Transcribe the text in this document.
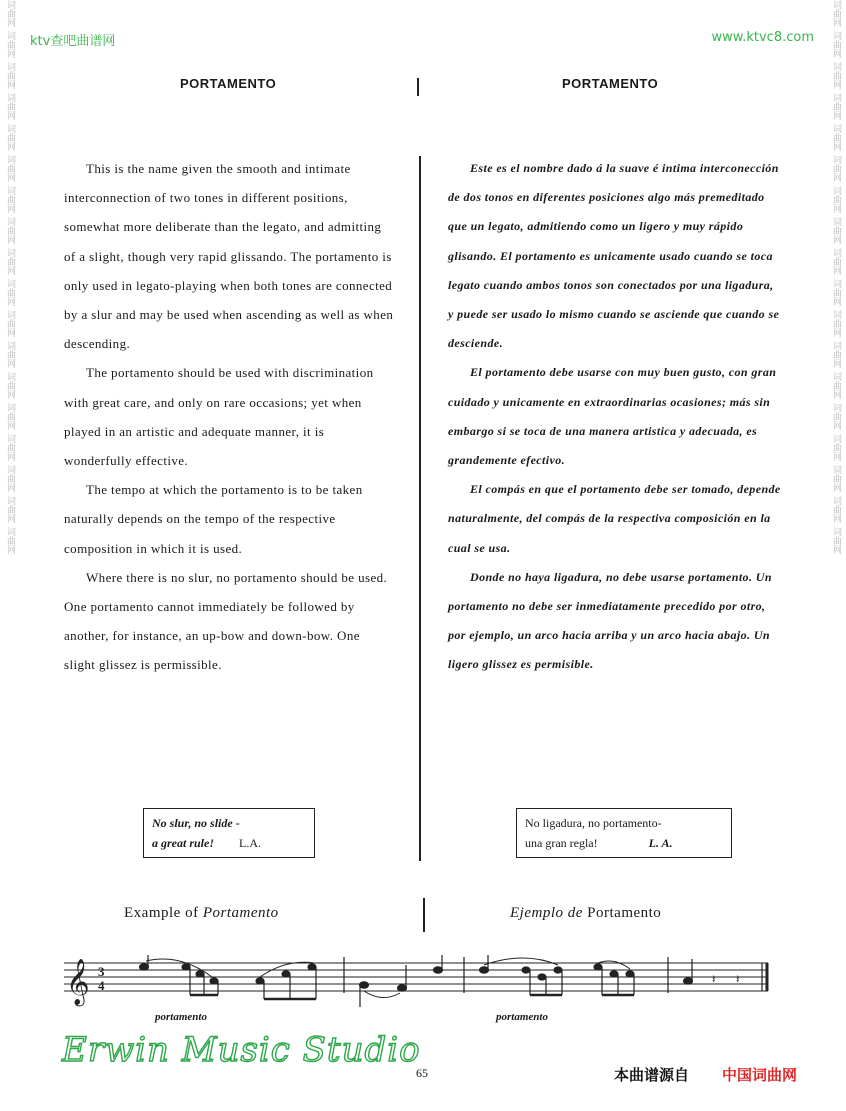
词曲网
词曲网
词曲网
词曲网
词曲网
词曲网
词曲网
词曲网
词曲网
词曲网
词曲网
词曲网
词曲网
词曲网
词曲网
词曲网
词曲网
词曲网
词曲网
词曲网
词曲网
词曲网
词曲网
词曲网
词曲网
词曲网
词曲网
词曲网
词曲网
词曲网
词曲网
词曲网
词曲网
词曲网
词曲网
词曲网
ktv查吧曲谱网	www.ktvc8.com
PORTAMENTO	PORTAMENTO

This is the name given the smooth and intimate interconnection of two tones in different positions, somewhat more deliberate than the legato, and admitting of a slight, though very rapid glissando. The portamento is only used in legato-playing when both tones are connected by a slur and may be used when ascending as well as when descending.

The portamento should be used with discrimination with great care, and only on rare occasions; yet when played in an artistic and adequate manner, it is wonderfully effective.

The tempo at which the portamento is to be taken naturally depends on the tempo of the respective composition in which it is used.

Where there is no slur, no portamento should be used. One portamento cannot immediately be followed by another, for instance, an up-bow and down-bow. One slight glissez is permissible.

Este es el nombre dado á la suave é intima interconección de dos tonos en diferentes posiciones algo más premeditado que un legato, admitiendo como un ligero y muy rápido glisando. El portamento es unicamente usado cuando se toca legato cuando ambos tonos son conectados por una ligadura, y puede ser usado lo mismo cuando se asciende que cuando se desciende.

El portamento debe usarse con muy buen gusto, con gran cuidado y unicamente en extraordinarias ocasiones; más sin embargo si se toca de una manera artistica y adecuada, es grandemente efectivo.

El compás en que el portamento debe ser tomado, depende naturalmente, del compás de la respectiva composición en la cual se usa.

Donde no haya ligadura, no debe usarse portamento. Un portamento no debe ser inmediatamente precedido por otro, por ejemplo, un arco hacia arriba y un arco hacia abajo. Un ligero glissez es permisible.

No slur, no slide -
a great rule! L.A.
No ligadura, no portamento-
una gran regla!	L. A.
Example of Portamento	Ejemplo de Portamento
𝄞 3
4	𝄽 𝄽
portamento	portamento
Erwin Music Studio
65	本曲谱源自 中国词曲网
